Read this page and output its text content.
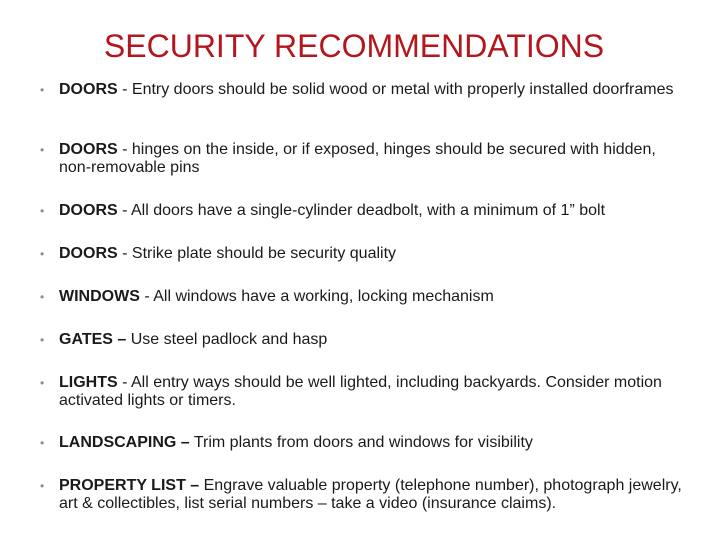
SECURITY RECOMMENDATIONS
• DOORS - Entry doors should be solid wood or metal with properly installed doorframes
• DOORS - hinges on the inside, or if exposed, hinges should be secured with hidden, non-removable pins
• DOORS - All doors have a single-cylinder deadbolt, with a minimum of 1” bolt
• DOORS - Strike plate should be security quality
• WINDOWS - All windows have a working, locking mechanism
• GATES – Use steel padlock and hasp
• LIGHTS - All entry ways should be well lighted, including backyards. Consider motion activated lights or timers.
• LANDSCAPING – Trim plants from doors and windows for visibility
• PROPERTY LIST – Engrave valuable property (telephone number), photograph jewelry, art & collectibles, list serial numbers – take a video (insurance claims).
